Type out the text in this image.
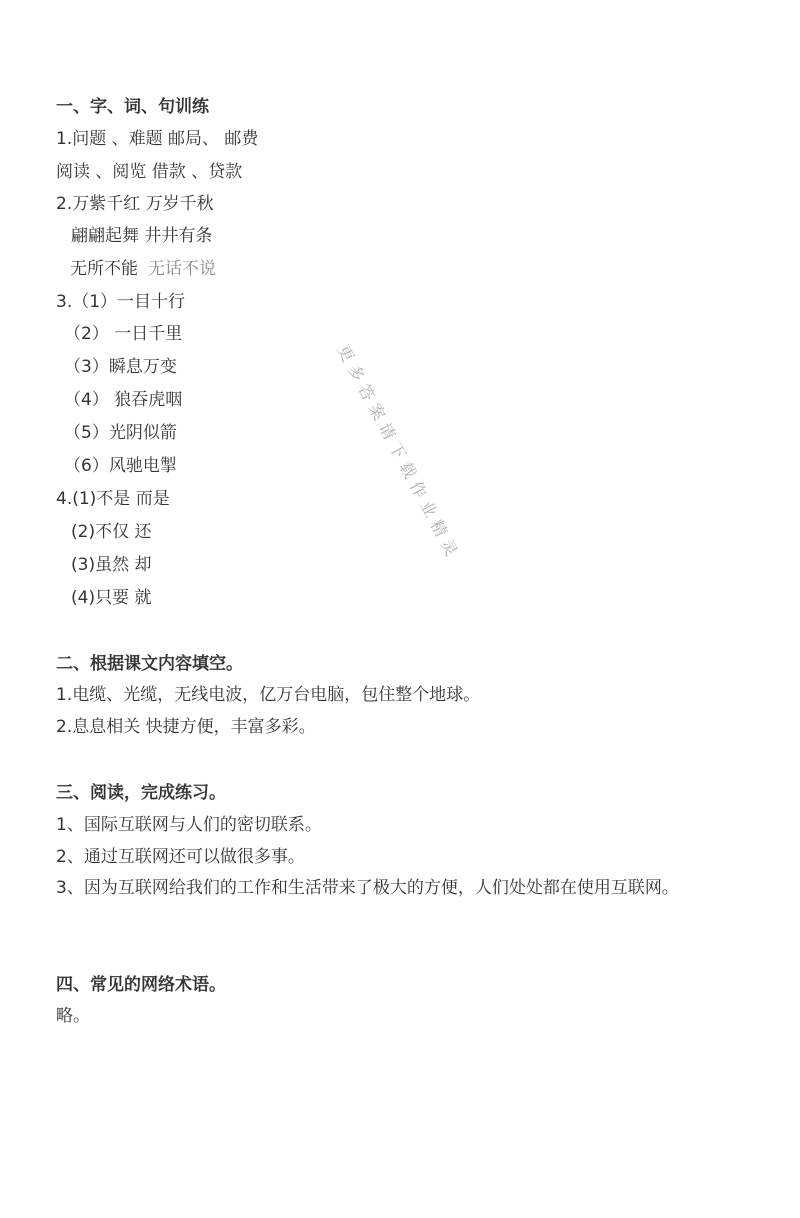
一、字、词、句训练
1.问题 、难题 邮局、 邮费
阅读 、阅览 借款 、贷款
2.万紫千红 万岁千秋
翩翩起舞 井井有条
无所不能 无话不说
3.（1）一目十行
（2） 一日千里
（3）瞬息万变
（4） 狼吞虎咽
（5）光阴似箭
（6）风驰电掣
4.(1)不是 而是
(2)不仅 还
(3)虽然 却
(4)只要 就
二、根据课文内容填空。
1.电缆、光缆，无线电波，亿万台电脑，包住整个地球。
2.息息相关 快捷方便，丰富多彩。
三、阅读，完成练习。
1、国际互联网与人们的密切联系。
2、通过互联网还可以做很多事。
3、因为互联网给我们的工作和生活带来了极大的方便，人们处处都在使用互联网。
四、常见的网络术语。
略。
更多答案请下载作业精灵
